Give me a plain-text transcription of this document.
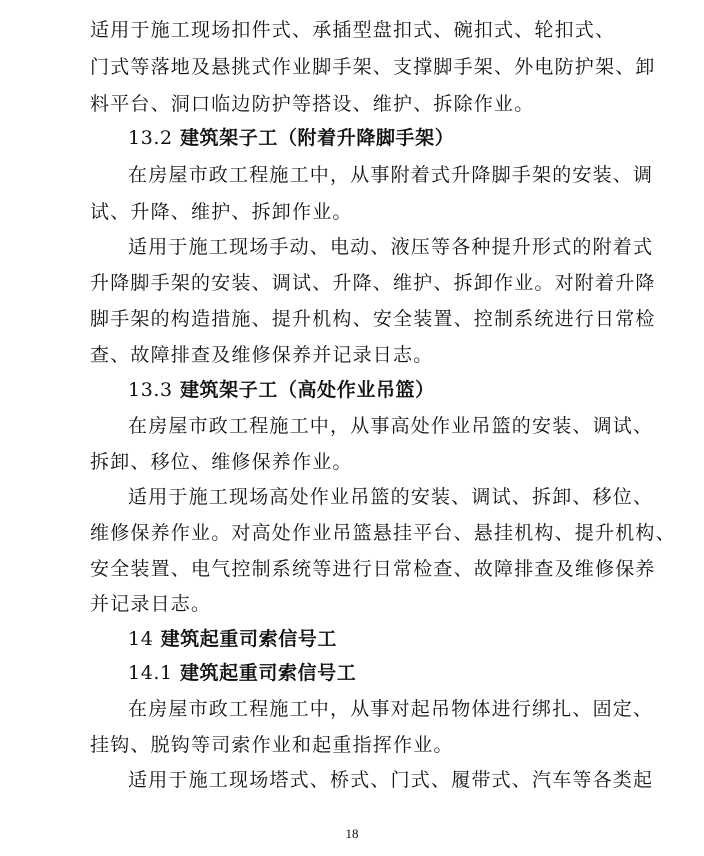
适用于施工现场扣件式、承插型盘扣式、碗扣式、轮扣式、
门式等落地及悬挑式作业脚手架、支撑脚手架、外电防护架、卸
料平台、洞口临边防护等搭设、维护、拆除作业。
13.2 建筑架子工（附着升降脚手架）
在房屋市政工程施工中，从事附着式升降脚手架的安装、调
试、升降、维护、拆卸作业。
适用于施工现场手动、电动、液压等各种提升形式的附着式
升降脚手架的安装、调试、升降、维护、拆卸作业。对附着升降
脚手架的构造措施、提升机构、安全装置、控制系统进行日常检
查、故障排查及维修保养并记录日志。
13.3 建筑架子工（高处作业吊篮）
在房屋市政工程施工中，从事高处作业吊篮的安装、调试、
拆卸、移位、维修保养作业。
适用于施工现场高处作业吊篮的安装、调试、拆卸、移位、
维修保养作业。对高处作业吊篮悬挂平台、悬挂机构、提升机构、
安全装置、电气控制系统等进行日常检查、故障排查及维修保养
并记录日志。
14 建筑起重司索信号工
14.1 建筑起重司索信号工
在房屋市政工程施工中，从事对起吊物体进行绑扎、固定、
挂钩、脱钩等司索作业和起重指挥作业。
适用于施工现场塔式、桥式、门式、履带式、汽车等各类起
18
